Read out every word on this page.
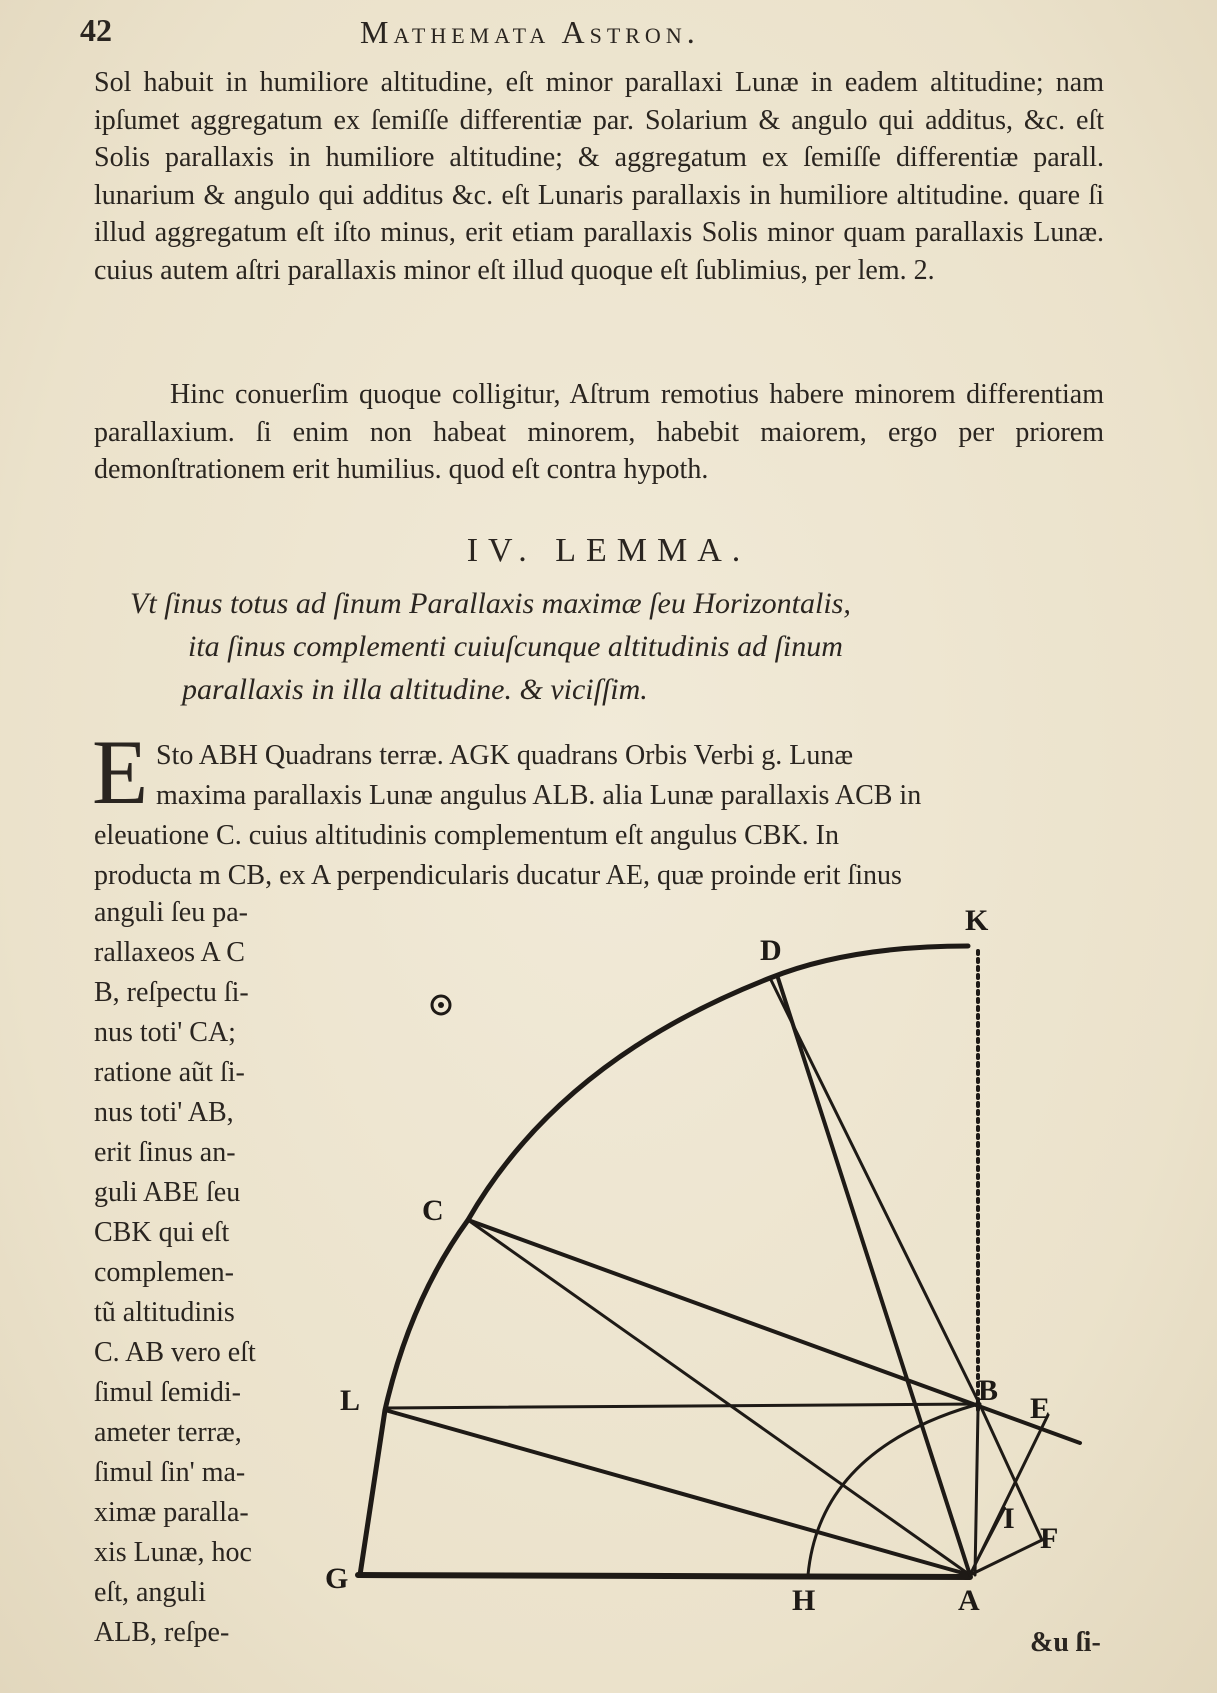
42	Mathemata Astron.
Sol habuit in humiliore altitudine, eſt minor parallaxi Lunæ in eadem altitudine; nam ipſumet aggregatum ex ſemiſſe differentiæ par. Solarium & angulo qui additus, &c. eſt Solis parallaxis in humiliore altitudine; & aggregatum ex ſemiſſe differentiæ parall. lunarium & angulo qui additus &c. eſt Lunaris parallaxis in humiliore altitudine. quare ſi illud aggregatum eſt iſto minus, erit etiam parallaxis Solis minor quam parallaxis Lunæ. cuius autem aſtri parallaxis minor eſt illud quoque eſt ſublimius, per lem. 2.
Hinc conuerſim quoque colligitur, Aſtrum remotius habere minorem differentiam parallaxium. ſi enim non habeat minorem, habebit maiorem, ergo per priorem demonſtrationem erit humilius. quod eſt contra hypoth.
IV. LEMMA.
Vt ſinus totus ad ſinum Parallaxis maximæ ſeu Horizontalis,
ita ſinus complementi cuiuſcunque altitudinis ad ſinum
parallaxis in illa altitudine. & viciſſim.
E Sto ABH Quadrans terræ. AGK quadrans Orbis Verbi g. Lunæ
maxima parallaxis Lunæ angulus ALB. alia Lunæ parallaxis ACB in
eleuatione C. cuius altitudinis complementum eſt angulus CBK. In
producta m CB, ex A perpendicularis ducatur AE, quæ proinde erit ſinus
anguli ſeu pa-
rallaxeos A C
B, reſpectu ſi-
nus toti' CA;
ratione aũt ſi-
nus toti' AB,
erit ſinus an-
guli ABE ſeu
CBK qui eſt
complemen-
tũ altitudinis
C. AB vero eſt
ſimul ſemidi-
ameter terræ,
ſimul ſin' ma-
ximæ paralla-
xis Lunæ, hoc
eſt, anguli
ALB, reſpe-
K
D
C
L	B
E
I
F
G
H	A
&u ſi-
